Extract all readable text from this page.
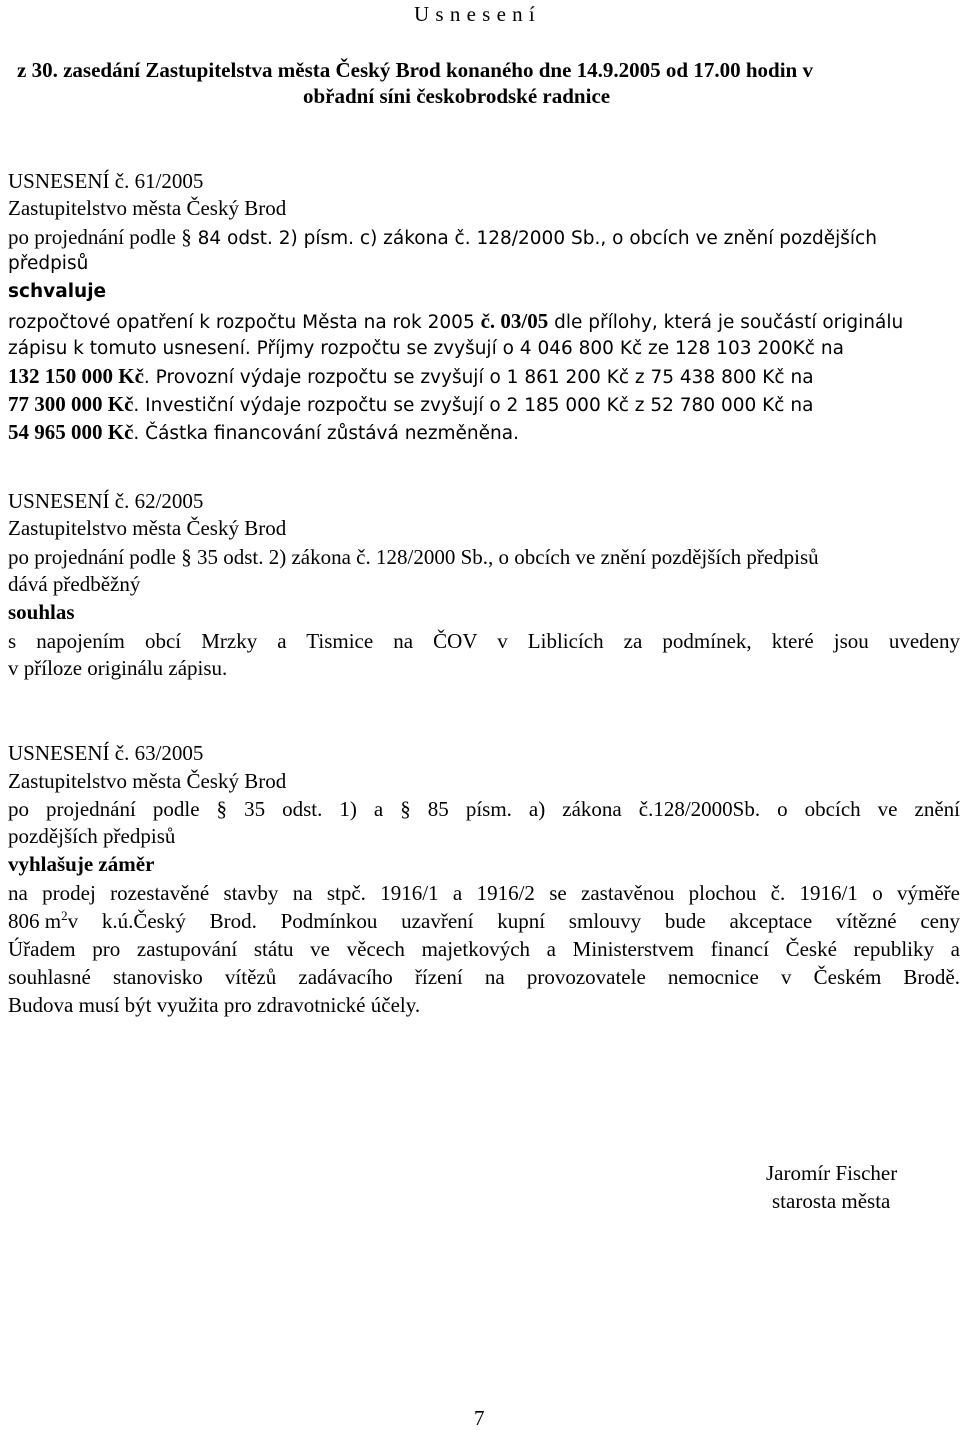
U s n e s e n í
z 30. zasedání Zastupitelstva města Český Brod konaného dne 14.9.2005 od 17.00 hodin v
obřadní síni českobrodské radnice
USNESENÍ č. 61/2005
Zastupitelstvo města Český Brod
po projednání podle § 84 odst. 2) písm. c) zákona č. 128/2000 Sb., o obcích ve znění pozdějších
předpisů
schvaluje
rozpočtové opatření k rozpočtu Města na rok 2005 č. 03/05 dle přílohy, která je součástí originálu
zápisu k tomuto usnesení. Příjmy rozpočtu se zvyšují o 4 046 800 Kč ze 128 103 200Kč na
132 150 000 Kč. Provozní výdaje rozpočtu se zvyšují o 1 861 200 Kč z 75 438 800 Kč na
77 300 000 Kč. Investiční výdaje rozpočtu se zvyšují o 2 185 000 Kč z 52 780 000 Kč na
54 965 000 Kč. Částka financování zůstává nezměněna.
USNESENÍ č. 62/2005
Zastupitelstvo města Český Brod
po projednání podle § 35 odst. 2) zákona č. 128/2000 Sb., o obcích ve znění pozdějších předpisů
dává předběžný
souhlas
s napojením obcí Mrzky a Tismice na ČOV v Liblicích za podmínek, které jsou uvedeny
v příloze originálu zápisu.
USNESENÍ č. 63/2005
Zastupitelstvo města Český Brod
po projednání podle § 35 odst. 1) a § 85 písm. a) zákona č.128/2000Sb. o obcích ve znění
pozdějších předpisů
vyhlašuje záměr
na prodej rozestavěné stavby na stpč. 1916/1 a 1916/2 se zastavěnou plochou č. 1916/1 o výměře
806 $m^2$ v k.ú.Český Brod. Podmínkou uzavření kupní smlouvy bude akceptace vítězné ceny
Úřadem pro zastupování státu ve věcech majetkových a Ministerstvem financí České republiky a
souhlasné stanovisko vítězů zadávacího řízení na provozovatele nemocnice v Českém Brodě.
Budova musí být využita pro zdravotnické účely.
Jaromír Fischer
starosta města
7
